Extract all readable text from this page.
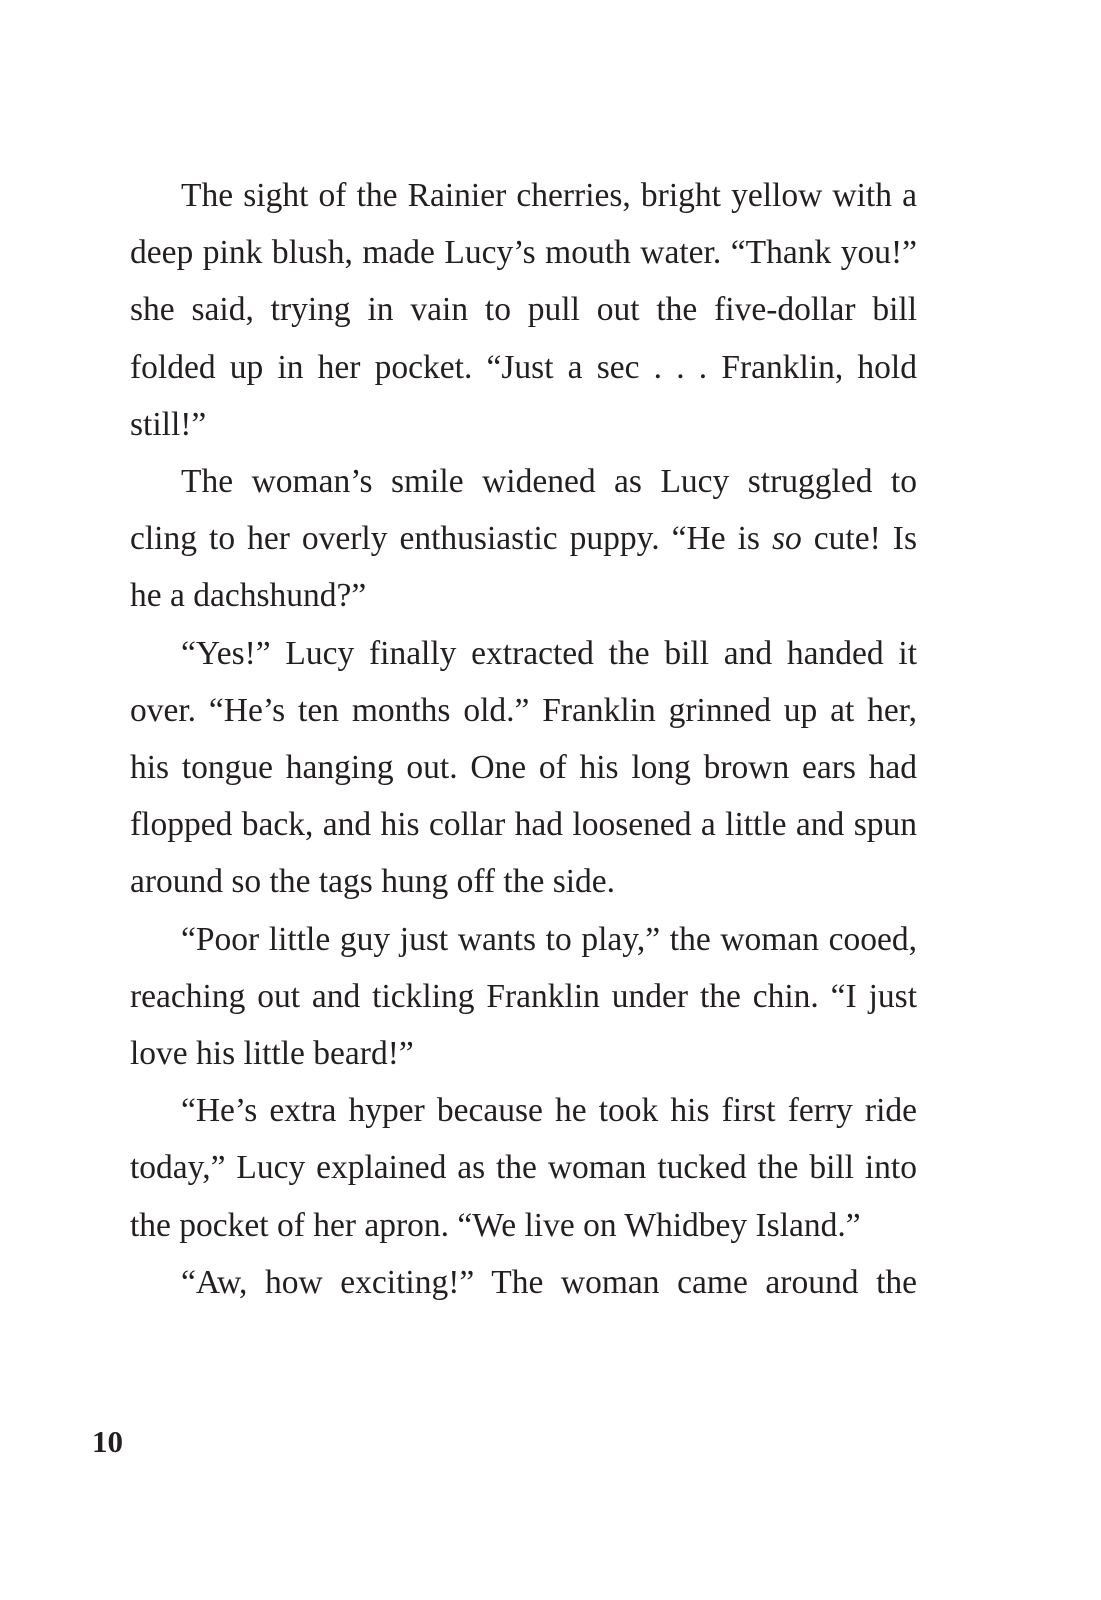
The sight of the Rainier cherries, bright yellow with a deep pink blush, made Lucy’s mouth water. “Thank you!” she said, trying in vain to pull out the five-dollar bill folded up in her pocket. “Just a sec . . . Franklin, hold still!”

The woman’s smile widened as Lucy struggled to cling to her overly enthusiastic puppy. “He is so cute! Is he a dachshund?”

“Yes!” Lucy finally extracted the bill and handed it over. “He’s ten months old.” Franklin grinned up at her, his tongue hanging out. One of his long brown ears had flopped back, and his collar had loosened a little and spun around so the tags hung off the side.

“Poor little guy just wants to play,” the woman cooed, reaching out and tickling Franklin under the chin. “I just love his little beard!”

“He’s extra hyper because he took his first ferry ride today,” Lucy explained as the woman tucked the bill into the pocket of her apron. “We live on Whidbey Island.”

“Aw, how exciting!” The woman came around the

10
